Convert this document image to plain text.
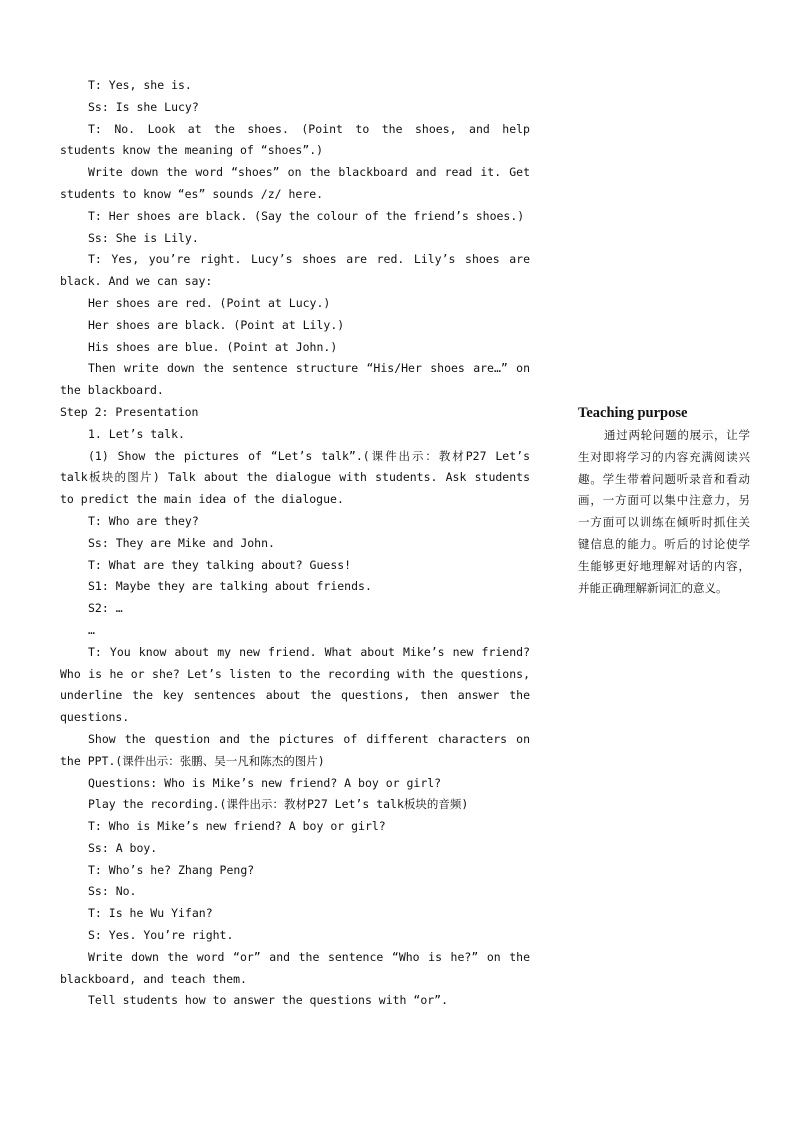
T: Yes, she is.
Ss: Is she Lucy?
T: No. Look at the shoes. (Point to the shoes, and help students know the meaning of “shoes”.)
Write down the word “shoes” on the blackboard and read it. Get students to know “es” sounds /z/ here.
T: Her shoes are black. (Say the colour of the friend’s shoes.)
Ss: She is Lily.
T: Yes, you’re right. Lucy’s shoes are red. Lily’s shoes are black. And we can say:
Her shoes are red. (Point at Lucy.)
Her shoes are black. (Point at Lily.)
His shoes are blue. (Point at John.)
Then write down the sentence structure “His/Her shoes are…” on the blackboard.
Step 2: Presentation
1. Let’s talk.
(1) Show the pictures of “Let’s talk”.(课件出示：教材P27 Let’s talk板块的图片) Talk about the dialogue with students. Ask students to predict the main idea of the dialogue.
T: Who are they?
Ss: They are Mike and John.
T: What are they talking about? Guess!
S1: Maybe they are talking about friends.
S2: …
…
T: You know about my new friend. What about Mike’s new friend? Who is he or she? Let’s listen to the recording with the questions, underline the key sentences about the questions, then answer the questions.
Show the question and the pictures of different characters on the PPT.(课件出示：张鹏、吴一凡和陈杰的图片)
Questions: Who is Mike’s new friend? A boy or girl?
Play the recording.(课件出示：教材P27 Let’s talk板块的音频)
T: Who is Mike’s new friend? A boy or girl?
Ss: A boy.
T: Who’s he? Zhang Peng?
Ss: No.
T: Is he Wu Yifan?
S: Yes. You’re right.
Write down the word “or” and the sentence “Who is he?” on the blackboard, and teach them.
Tell students how to answer the questions with “or”.
Teaching purpose
通过两轮问题的展示，让学生对即将学习的内容充满阅读兴趣。学生带着问题听录音和看动画，一方面可以集中注意力，另一方面可以训练在倾听时抓住关键信息的能力。听后的讨论使学生能够更好地理解对话的内容，并能正确理解新词汇的意义。
